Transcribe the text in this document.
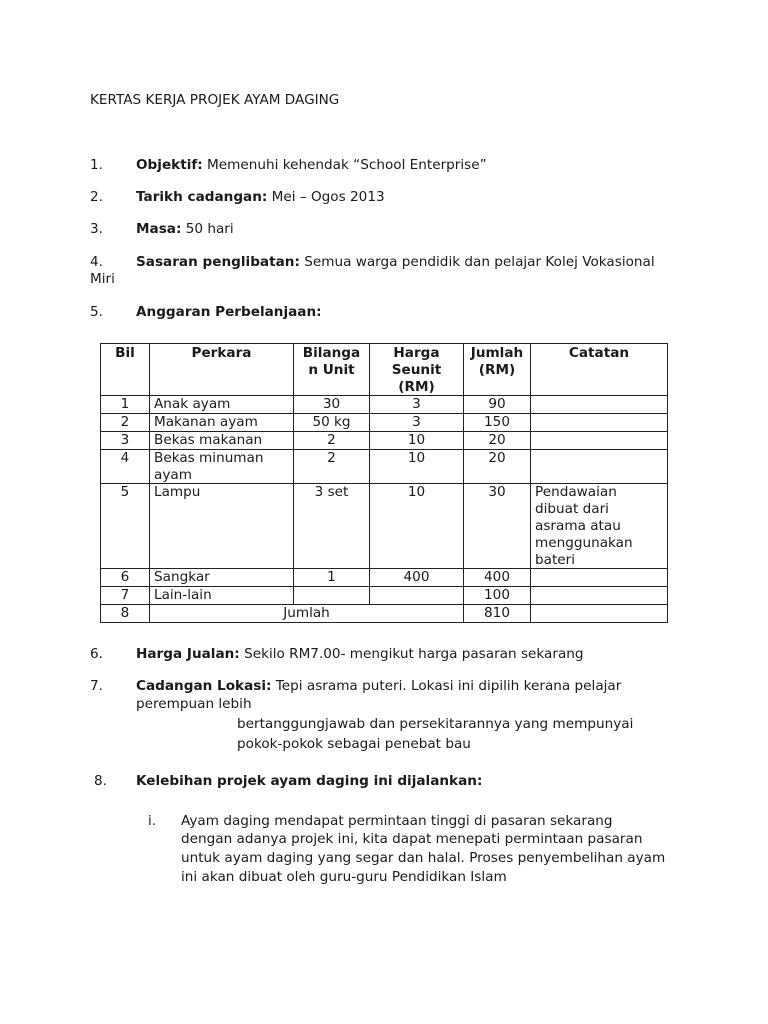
KERTAS KERJA PROJEK AYAM DAGING
1. Objektif: Memenuhi kehendak “School Enterprise”
2. Tarikh cadangan: Mei – Ogos 2013
3. Masa: 50 hari
4. Sasaran penglibatan: Semua warga pendidik dan pelajar Kolej Vokasional
Miri
5. Anggaran Perbelanjaan:
Bil	Perkara	Bilangan Unit	Harga Seunit (RM)	Jumlah (RM)	Catatan
1	Anak ayam	30	3	90	
2	Makanan ayam	50 kg	3	150	
3	Bekas makanan	2	10	20	
4	Bekas minuman ayam	2	10	20	
5	Lampu	3 set	10	30	Pendawaian dibuat dari asrama atau menggunakan bateri
6	Sangkar	1	400	400	
7	Lain-lain			100	
8	Jumlah			810	
6. Harga Jualan: Sekilo RM7.00- mengikut harga pasaran sekarang
7. Cadangan Lokasi: Tepi asrama puteri. Lokasi ini dipilih kerana pelajar
perempuan lebih
bertanggungjawab dan persekitarannya yang mempunyai
pokok-pokok sebagai penebat bau
8. Kelebihan projek ayam daging ini dijalankan:
i. Ayam daging mendapat permintaan tinggi di pasaran sekarang
dengan adanya projek ini, kita dapat menepati permintaan pasaran
untuk ayam daging yang segar dan halal. Proses penyembelihan ayam
ini akan dibuat oleh guru-guru Pendidikan Islam
